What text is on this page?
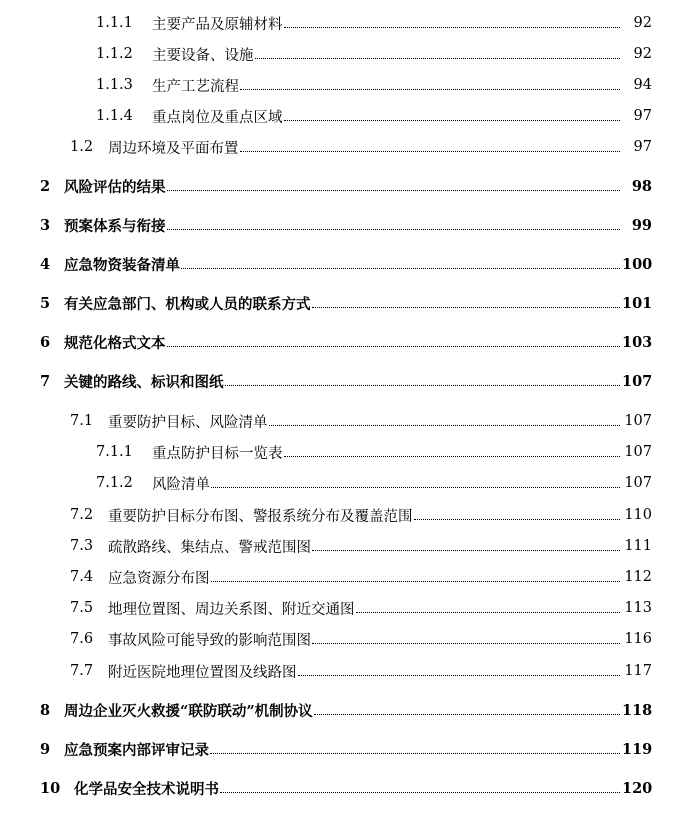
1.1.1	主要产品及原辅材料	92
1.1.2	主要设备、设施	92
1.1.3	生产工艺流程	94
1.1.4	重点岗位及重点区域	97
1.2	周边环境及平面布置	97
2 风险评估的结果	98
3 预案体系与衔接	99
4 应急物资装备清单	100
5 有关应急部门、机构或人员的联系方式	101
6 规范化格式文本	103
7 关键的路线、标识和图纸	107
7.1	重要防护目标、风险清单	107
7.1.1	重点防护目标一览表	107
7.1.2	风险清单	107
7.2	重要防护目标分布图、警报系统分布及覆盖范围	110
7.3	疏散路线、集结点、警戒范围图	111
7.4	应急资源分布图	112
7.5	地理位置图、周边关系图、附近交通图	113
7.6	事故风险可能导致的影响范围图	116
7.7	附近医院地理位置图及线路图	117
8 周边企业灭火救援“联防联动”机制协议	118
9 应急预案内部评审记录	119
10 化学品安全技术说明书	120
